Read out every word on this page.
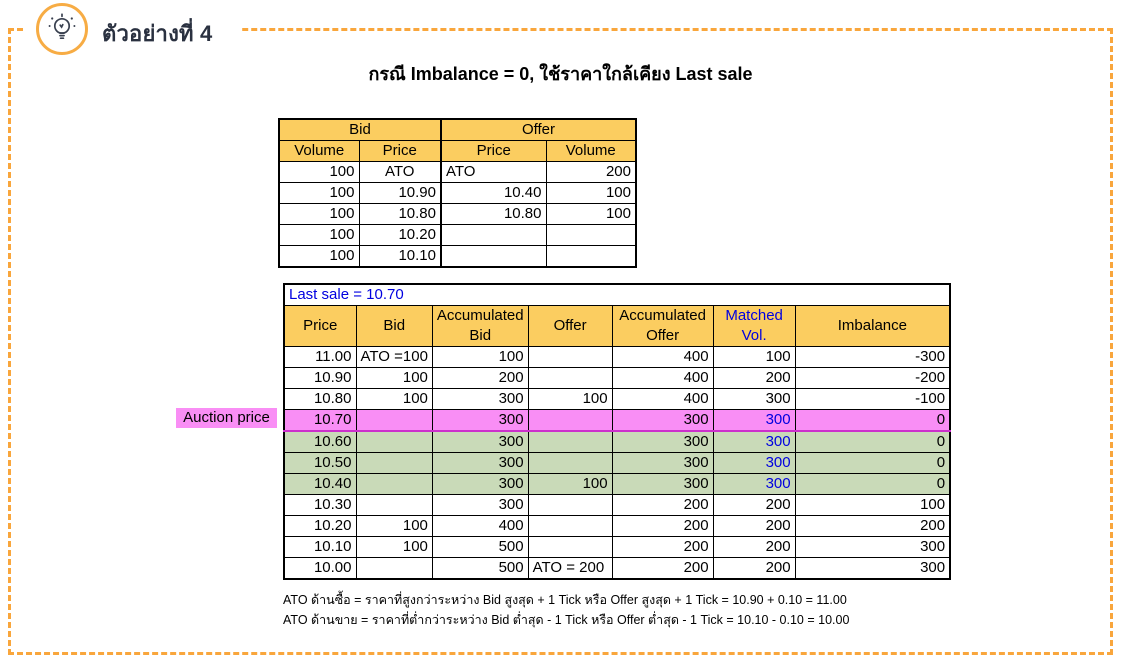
ตัวอย่างที่ 4
กรณี Imbalance = 0, ใช้ราคาใกล้เคียง Last sale
Bid		Offer	
Volume	Price	Price	Volume
100	ATO	ATO	200
100	10.90	10.40	100
100	10.80	10.80	100
100	10.20		
100	10.10		
Last sale = 10.70						
Price	Bid	Accumulated Bid	Offer	Accumulated Offer	Matched Vol.	Imbalance
11.00	ATO =100	100		400	100	-300
10.90	100	200		400	200	-200
10.80	100	300	100	400	300	-100
10.70		300		300	300	0
10.60		300		300	300	0
10.50		300		300	300	0
10.40		300	100	300	300	0
10.30		300		200	200	100
10.20	100	400		200	200	200
10.10	100	500		200	200	300
10.00		500	ATO = 200	200	200	300
Auction price
ATO ด้านซื้อ = ราคาที่สูงกว่าระหว่าง Bid สูงสุด + 1 Tick หรือ Offer สูงสุด + 1 Tick = 10.90 + 0.10 = 11.00
ATO ด้านขาย = ราคาที่ต่ำกว่าระหว่าง Bid ต่ำสุด - 1 Tick หรือ Offer ต่ำสุด - 1 Tick = 10.10 - 0.10 = 10.00
